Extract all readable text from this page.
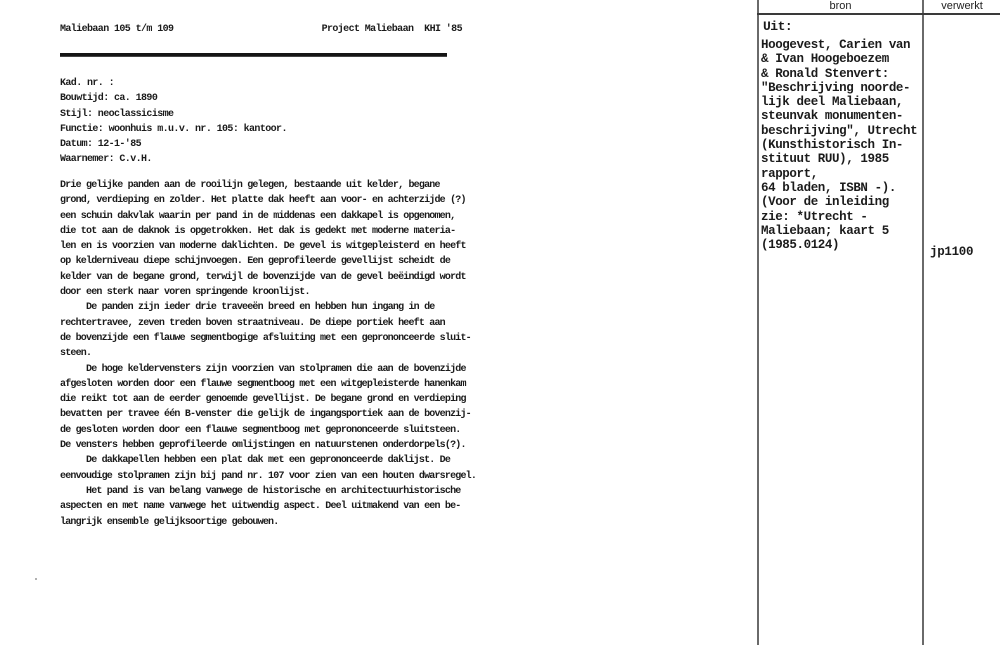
Maliebaan 105 t/m 109	Project Maliebaan  KHI '85
Kad. nr. :
Bouwtijd: ca. 1890
Stijl: neoclassicisme
Functie: woonhuis m.u.v. nr. 105: kantoor.
Datum: 12-1-'85
Waarnemer: C.v.H.
Drie gelijke panden aan de rooilijn gelegen, bestaande uit kelder, begane
grond, verdieping en zolder. Het platte dak heeft aan voor- en achterzijde (?)
een schuin dakvlak waarin per pand in de middenas een dakkapel is opgenomen,
die tot aan de daknok is opgetrokken. Het dak is gedekt met moderne materia-
len en is voorzien van moderne daklichten. De gevel is witgepleisterd en heeft
op kelderniveau diepe schijnvoegen. Een geprofileerde gevellijst scheidt de
kelder van de begane grond, terwijl de bovenzijde van de gevel beëindigd wordt
door een sterk naar voren springende kroonlijst.
De panden zijn ieder drie traveeën breed en hebben hun ingang in de
rechtertravee, zeven treden boven straatniveau. De diepe portiek heeft aan
de bovenzijde een flauwe segmentbogige afsluiting met een geprononceerde sluit-
steen.
De hoge keldervensters zijn voorzien van stolpramen die aan de bovenzijde
afgesloten worden door een flauwe segmentboog met een witgepleisterde hanenkam
die reikt tot aan de eerder genoemde gevellijst. De begane grond en verdieping
bevatten per travee één B-venster die gelijk de ingangsportiek aan de bovenzij-
de gesloten worden door een flauwe segmentboog met geprononceerde sluitsteen.
De vensters hebben geprofileerde omlijstingen en natuurstenen onderdorpels(?).
De dakkapellen hebben een plat dak met een geprononceerde daklijst. De
eenvoudige stolpramen zijn bij pand nr. 107 voor zien van een houten dwarsregel.
Het pand is van belang vanwege de historische en architectuurhistorische
aspecten en met name vanwege het uitwendig aspect. Deel uitmakend van een be-
langrijk ensemble gelijksoortige gebouwen.
bron	verwerkt
Uit:
Hoogevest, Carien van
& Ivan Hoogeboezem
& Ronald Stenvert:
"Beschrijving noorde-
lijk deel Maliebaan,
steunvak monumenten-
beschrijving", Utrecht
(Kunsthistorisch In-
stituut RUU), 1985
rapport,
64 bladen, ISBN -).
(Voor de inleiding
zie: *Utrecht -
Maliebaan; kaart 5
(1985.0124)	jp1100
